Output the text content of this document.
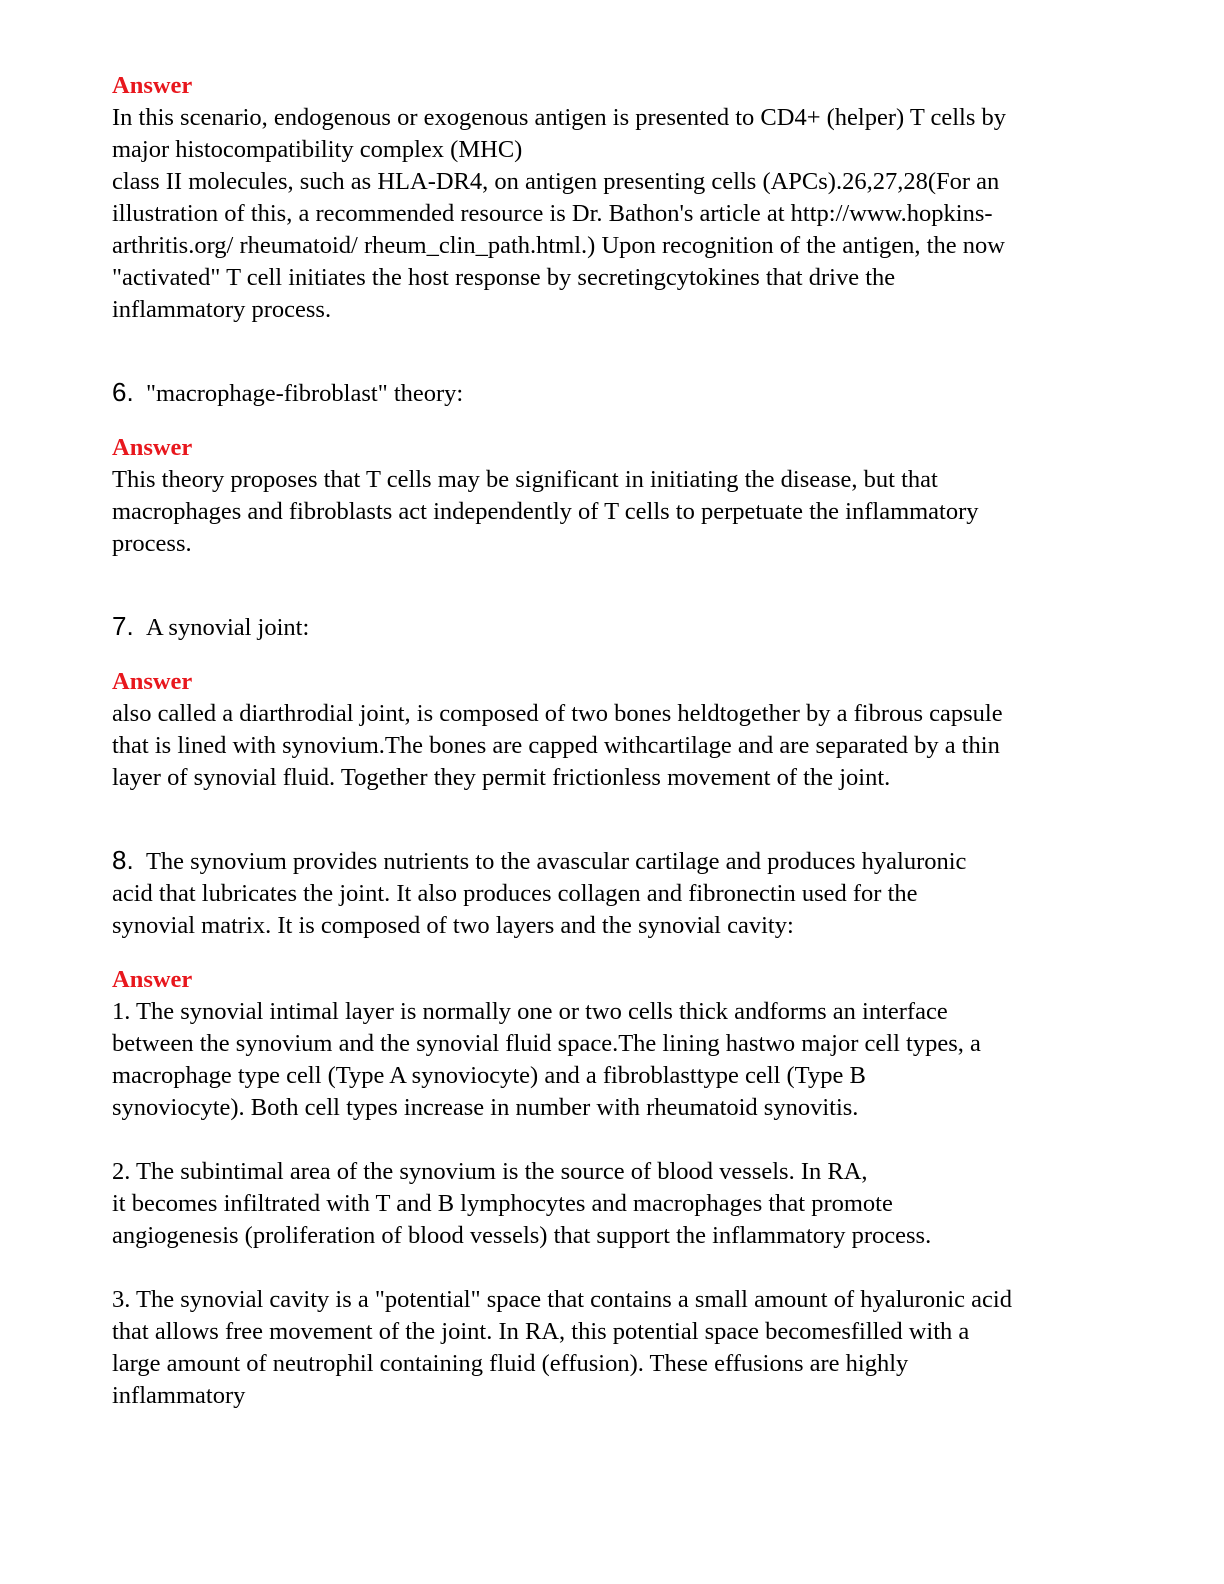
Answer
In this scenario, endogenous or exogenous antigen is presented to CD4+ (helper) T cells by
major histocompatibility complex (MHC)
class II molecules, such as HLA-DR4, on antigen presenting cells (APCs).26,27,28(For an
illustration of this, a recommended resource is Dr. Bathon's article at http://www.hopkins-
arthritis.org/ rheumatoid/ rheum_clin_path.html.) Upon recognition of the antigen, the now
"activated" T cell initiates the host response by secretingcytokines that drive the
inflammatory process.
6. "macrophage-fibroblast" theory:
Answer
This theory proposes that T cells may be significant in initiating the disease, but that
macrophages and fibroblasts act independently of T cells to perpetuate the inflammatory
process.
7. A synovial joint:
Answer
also called a diarthrodial joint, is composed of two bones heldtogether by a fibrous capsule
that is lined with synovium.The bones are capped withcartilage and are separated by a thin
layer of synovial fluid. Together they permit frictionless movement of the joint.
8. The synovium provides nutrients to the avascular cartilage and produces hyaluronic
acid that lubricates the joint. It also produces collagen and fibronectin used for the
synovial matrix. It is composed of two layers and the synovial cavity:
Answer
1. The synovial intimal layer is normally one or two cells thick andforms an interface
between the synovium and the synovial fluid space.The lining hastwo major cell types, a
macrophage type cell (Type A synoviocyte) and a fibroblasttype cell (Type B
synoviocyte). Both cell types increase in number with rheumatoid synovitis.
2. The subintimal area of the synovium is the source of blood vessels. In RA,
it becomes infiltrated with T and B lymphocytes and macrophages that promote
angiogenesis (proliferation of blood vessels) that support the inflammatory process.
3. The synovial cavity is a "potential" space that contains a small amount of hyaluronic acid
that allows free movement of the joint. In RA, this potential space becomesfilled with a
large amount of neutrophil containing fluid (effusion). These effusions are highly
inflammatory
